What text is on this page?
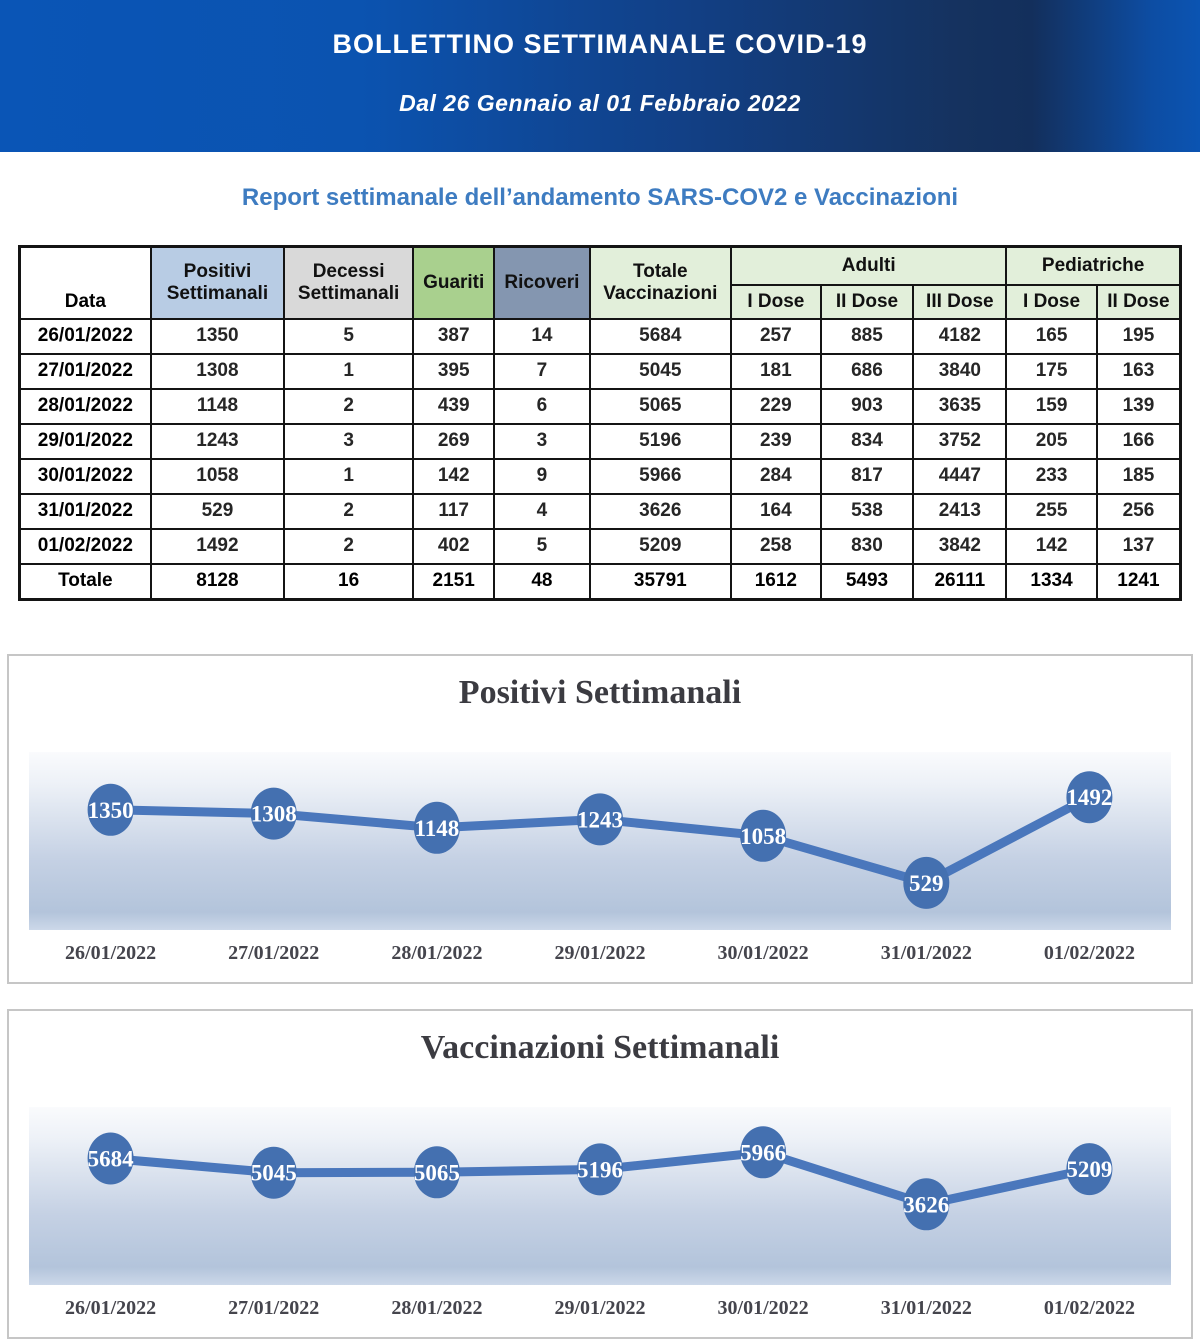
BOLLETTINO SETTIMANALE COVID-19
Dal 26 Gennaio al 01 Febbraio 2022
Report settimanale dell’andamento SARS-COV2 e Vaccinazioni
Data	Positivi Settimanali	Decessi Settimanali	Guariti	Ricoveri	Totale Vaccinazioni	Adulti			Pediatriche	
						I Dose	II Dose	III Dose	I Dose	II Dose
26/01/2022	1350	5	387	14	5684	257	885	4182	165	195
27/01/2022	1308	1	395	7	5045	181	686	3840	175	163
28/01/2022	1148	2	439	6	5065	229	903	3635	159	139
29/01/2022	1243	3	269	3	5196	239	834	3752	205	166
30/01/2022	1058	1	142	9	5966	284	817	4447	233	185
31/01/2022	529	2	117	4	3626	164	538	2413	255	256
01/02/2022	1492	2	402	5	5209	258	830	3842	142	137
Totale	8128	16	2151	48	35791	1612	5493	26111	1334	1241
Positivi Settimanali
1350	1308
1148	1243
1058
529
1492
26/01/2022	27/01/2022	28/01/2022	29/01/2022	30/01/2022	31/01/2022	01/02/2022
Vaccinazioni Settimanali
5684
5045	5065	5196
5966
3626
5209
26/01/2022	27/01/2022	28/01/2022	29/01/2022	30/01/2022	31/01/2022	01/02/2022
